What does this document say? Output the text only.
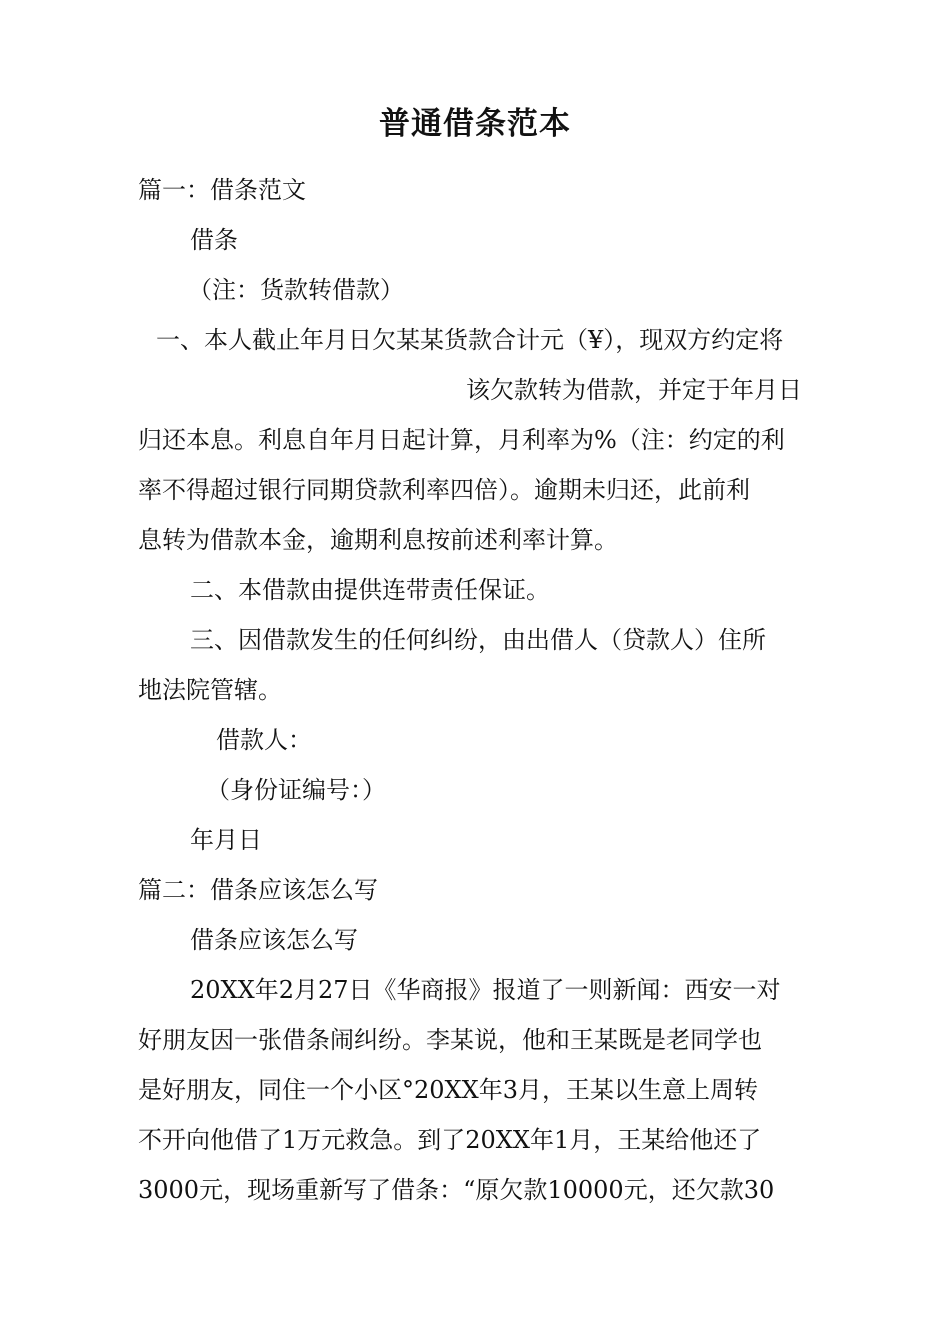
普通借条范本
篇一：借条范文
借条
（注：货款转借款）
一、本人截止年月日欠某某货款合计元（¥），现双方约定将
该欠款转为借款，并定于年月日
归还本息。利息自年月日起计算，月利率为%（注：约定的利
率不得超过银行同期贷款利率四倍）。逾期未归还，此前利
息转为借款本金，逾期利息按前述利率计算。
二、本借款由提供连带责任保证。
三、因借款发生的任何纠纷，由出借人（贷款人）住所
地法院管辖。
借款人：
（身份证编号：）
年月日
篇二：借条应该怎么写
借条应该怎么写
20XX年2月27日《华商报》报道了一则新闻：西安一对
好朋友因一张借条闹纠纷。李某说，他和王某既是老同学也
是好朋友，同住一个小区°20XX年3月，王某以生意上周转
不开向他借了1万元救急。到了20XX年1月，王某给他还了
3000元，现场重新写了借条：“原欠款10000元，还欠款30
